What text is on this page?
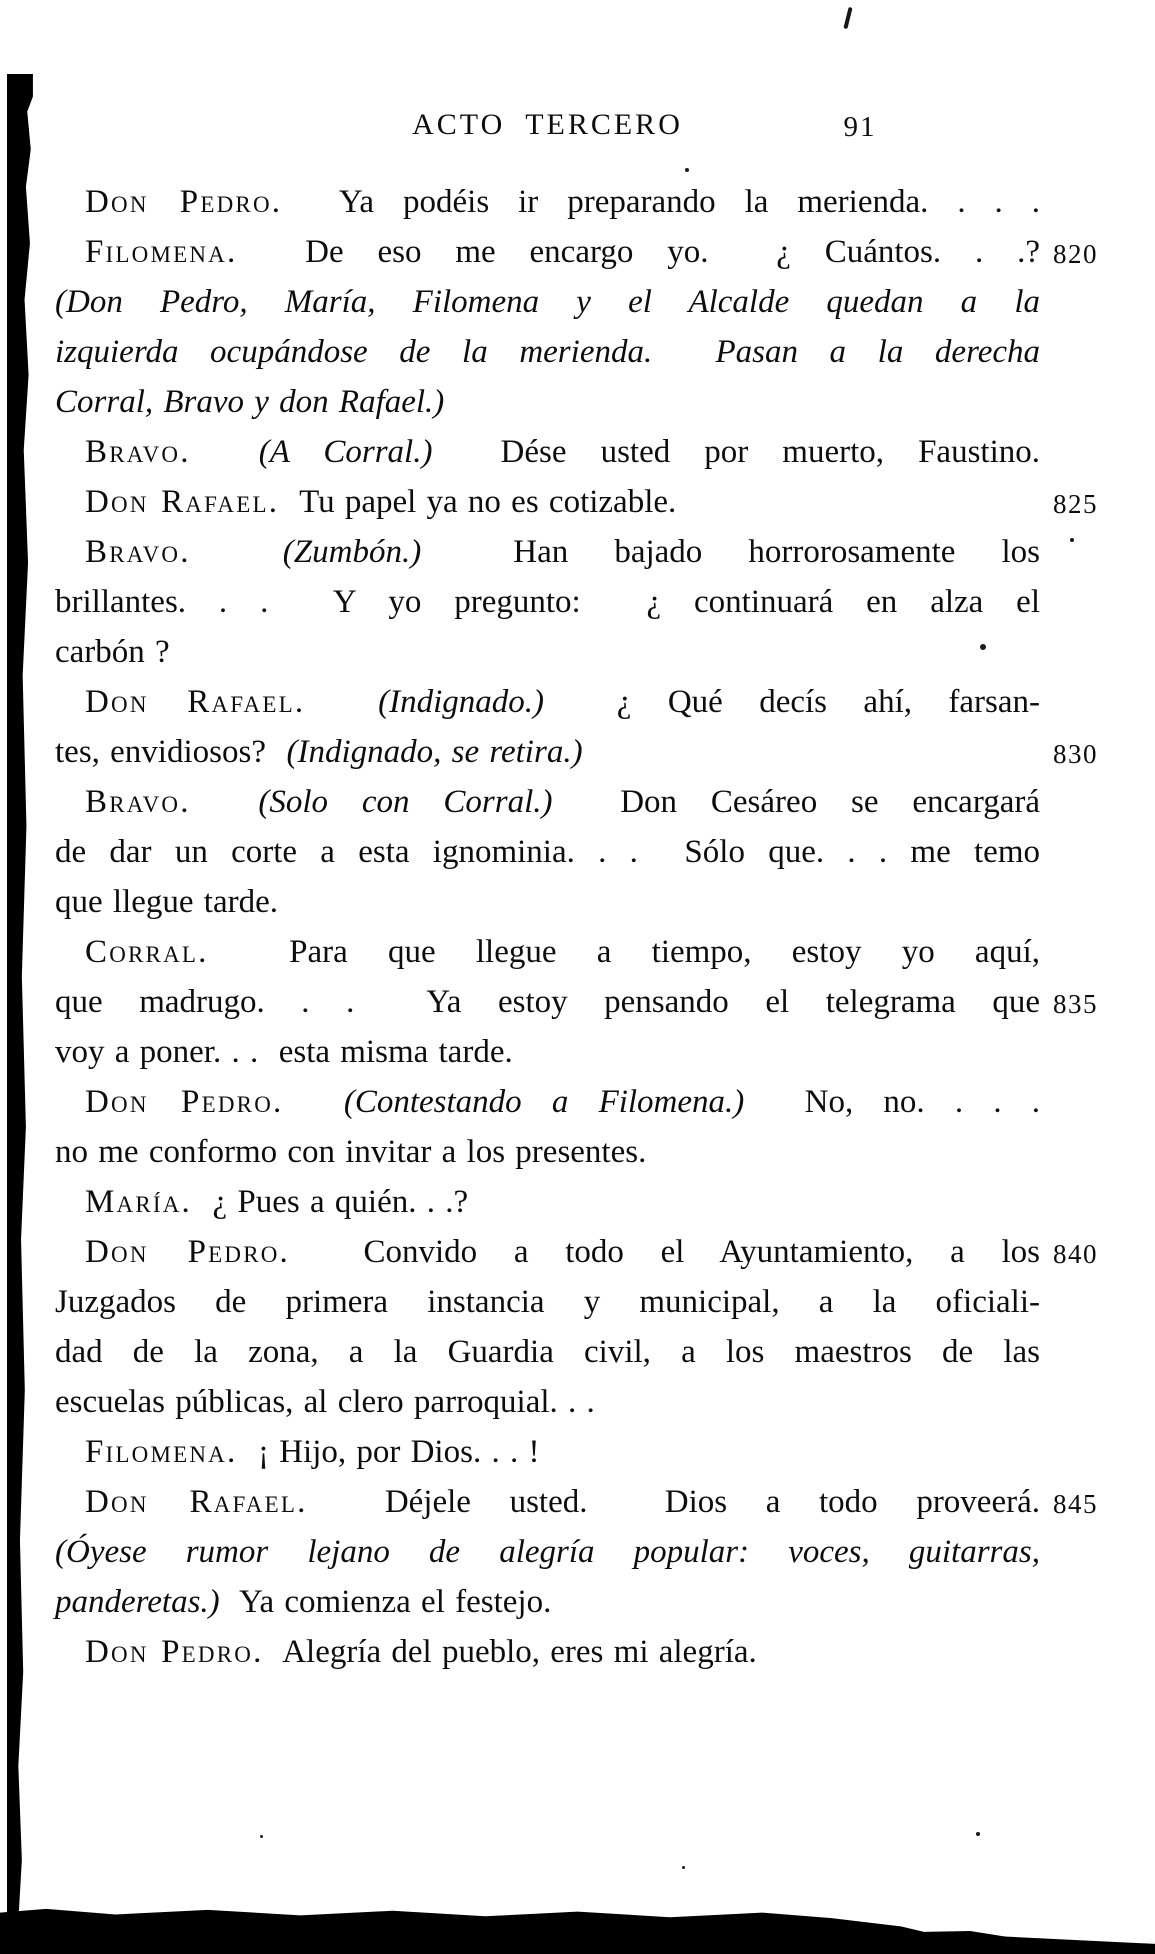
ACTO TERCERO	91
Don Pedro.  Ya podéis ir preparando la merienda. . . .
Filomena.  De eso me encargo yo.  ¿ Cuántos. . .? 820
(Don Pedro, María, Filomena y el Alcalde quedan a la
izquierda ocupándose de la merienda.  Pasan a la derecha
Corral, Bravo y don Rafael.)
Bravo. (A Corral.)  Dése usted por muerto, Faustino.
Don Rafael.  Tu papel ya no es cotizable.	825
Bravo.	(Zumbón.)  Han bajado horrorosamente los
brillantes. . .  Y yo pregunto:  ¿ continuará en alza el
carbón ?
Don Rafael. (Indignado.)  ¿ Qué decís ahí, farsan-
tes, envidiosos?  (Indignado, se retira.)	830
Bravo. (Solo con Corral.)  Don Cesáreo se encargará
de dar un corte a esta ignominia. . .  Sólo que. . . me temo
que llegue tarde.
Corral.  Para que llegue a tiempo, estoy yo aquí,
que madrugo. . .  Ya estoy pensando el telegrama que 835
voy a poner. . .  esta misma tarde.
Don Pedro. (Contestando a Filomena.)  No, no. . . .
no me conformo con invitar a los presentes.
María.  ¿ Pues a quién. . .?
Don Pedro.  Convido a todo el Ayuntamiento, a los 840
Juzgados de primera instancia y municipal, a la oficiali-
dad de la zona, a la Guardia civil, a los maestros de las
escuelas públicas, al clero parroquial. . .
Filomena.  ¡ Hijo, por Dios. . . !
Don Rafael.  Déjele usted.  Dios a todo proveerá. 845
(Óyese rumor lejano de alegría popular: voces, guitarras,
panderetas.)  Ya comienza el festejo.
Don Pedro.  Alegría del pueblo, eres mi alegría.
